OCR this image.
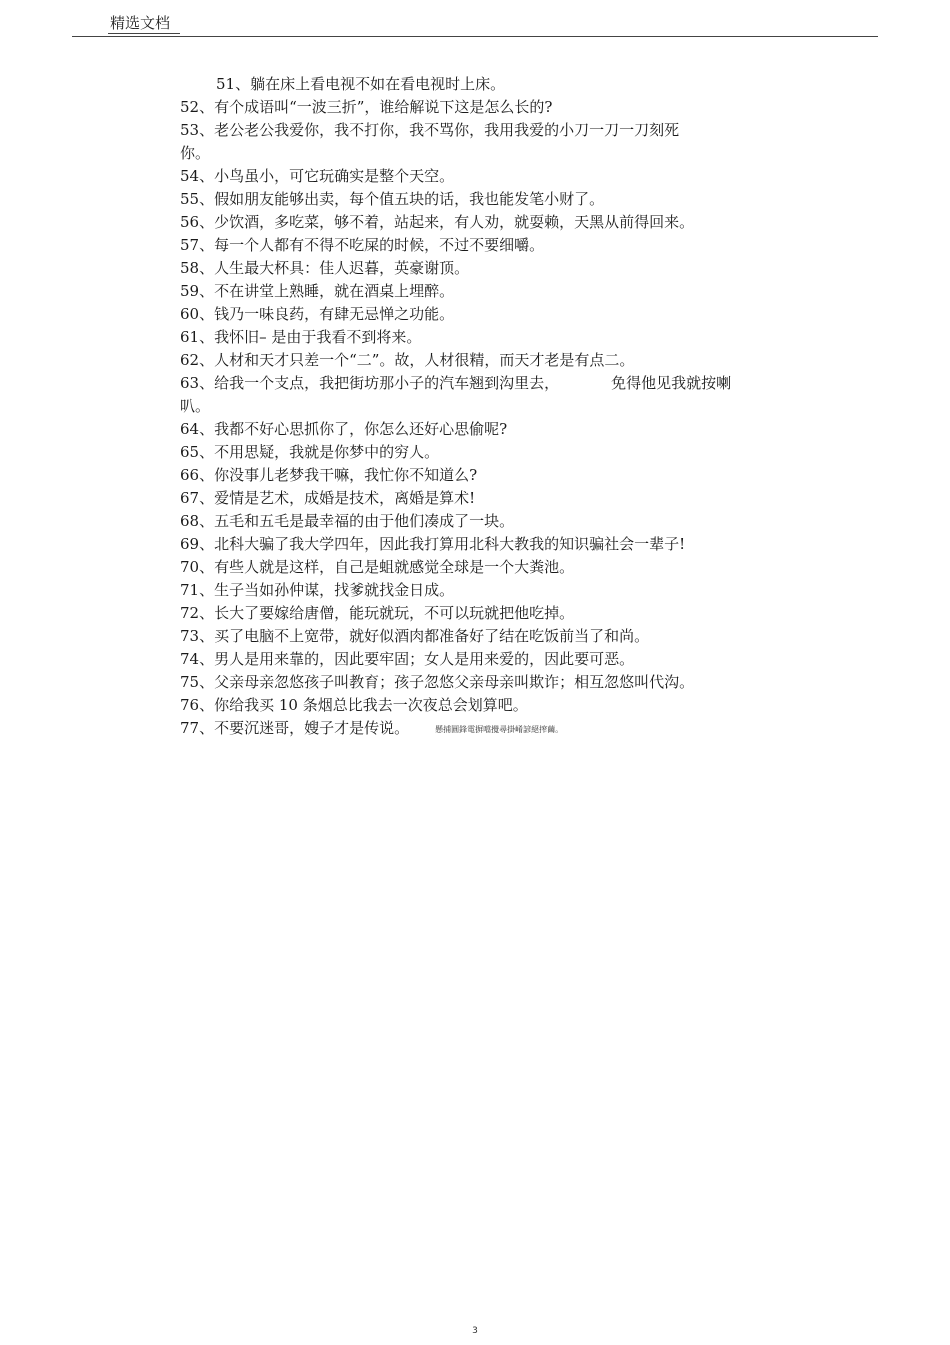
精选文档
51、躺在床上看电视不如在看电视时上床。
52、有个成语叫“一波三折”，谁给解说下这是怎么长的?
53、老公老公我爱你，我不打你，我不骂你，我用我爱的小刀一刀一刀刻死
你。
54、小鸟虽小，可它玩确实是整个天空。
55、假如朋友能够出卖，每个值五块的话，我也能发笔小财了。
56、少饮酒，多吃菜，够不着，站起来，有人劝，就耍赖，天黑从前得回来。
57、每一个人都有不得不吃屎的时候，不过不要细嚼。
58、人生最大杯具：佳人迟暮，英豪谢顶。
59、不在讲堂上熟睡，就在酒桌上埋醉。
60、钱乃一味良药，有肆无忌惮之功能。
61、我怀旧– 是由于我看不到将来。
62、人材和天才只差一个“二”。故，人材很精，而天才老是有点二。
63、给我一个支点，我把街坊那小子的汽车翘到沟里去，	免得他见我就按喇
叭。
64、我都不好心思抓你了，你怎么还好心思偷呢?
65、不用思疑，我就是你梦中的穷人。
66、你没事儿老梦我干嘛，我忙你不知道么?
67、爱情是艺术，成婚是技术，离婚是算术!
68、五毛和五毛是最幸福的由于他们凑成了一块。
69、北科大骗了我大学四年，因此我打算用北科大教我的知识骗社会一辈子!
70、有些人就是这样，自己是蛆就感觉全球是一个大粪池。
71、生子当如孙仲谋，找爹就找金日成。
72、长大了要嫁给唐僧，能玩就玩，不可以玩就把他吃掉。
73、买了电脑不上宽带，就好似酒肉都准备好了结在吃饭前当了和尚。
74、男人是用来靠的，因此要牢固；女人是用来爱的，因此要可恶。
75、父亲母亲忽悠孩子叫教育；孩子忽悠父亲母亲叫欺诈；相互忽悠叫代沟。
76、你给我买 10 条烟总比我去一次夜总会划算吧。
77、不要沉迷哥，嫂子才是传说。	懸捕圓鋒電摒噹攪尋掛崤諺絕搾繭。
3
